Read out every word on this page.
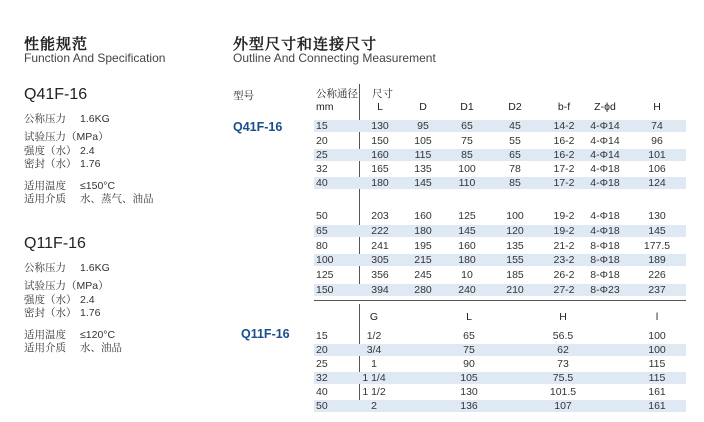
性能规范
Function And Specification
Q41F-16
公称压力 1.6KG
试验压力（MPa）
强度（水） 2.4
密封（水） 1.76
适用温度 ≤150°C
适用介质 水、蒸气、油品
Q11F-16
公称压力 1.6KG
试验压力（MPa）
强度（水） 2.4
密封（水） 1.76
适用温度 ≤120°C
适用介质 水、油品
外型尺寸和连接尺寸
Outline And Connecting Measurement
型号	公称通径
mm
尺寸
L	D	D1	D2	b-f	Z-ϕd	H
Q41F-16	15	130	95	65	45	14-2	4-Φ14	74
20	150	105	75	55	16-2	4-Φ14	96
25	160	115	85	65	16-2	4-Φ14	101
32	165	135	100	78	17-2	4-Φ18	106
40	180	145	110	85	17-2	4-Φ18	124
50	203	160	125	100	19-2	4-Φ18	130
65	222	180	145	120	19-2	4-Φ18	145
80	241	195	160	135	21-2	8-Φ18	177.5
100	305	215	180	155	23-2	8-Φ18	189
125	356	245	10	185	26-2	8-Φ18	226
150	394	280	240	210	27-2	8-Φ23	237
G	L	H	l
Q11F-16	15	1/2	65	56.5	100
20	3/4	75	62	100
25	1	90	73	115
32	1 1/4	105	75.5	115
40	1 1/2	130	101.5	161
50	2	136	107	161
